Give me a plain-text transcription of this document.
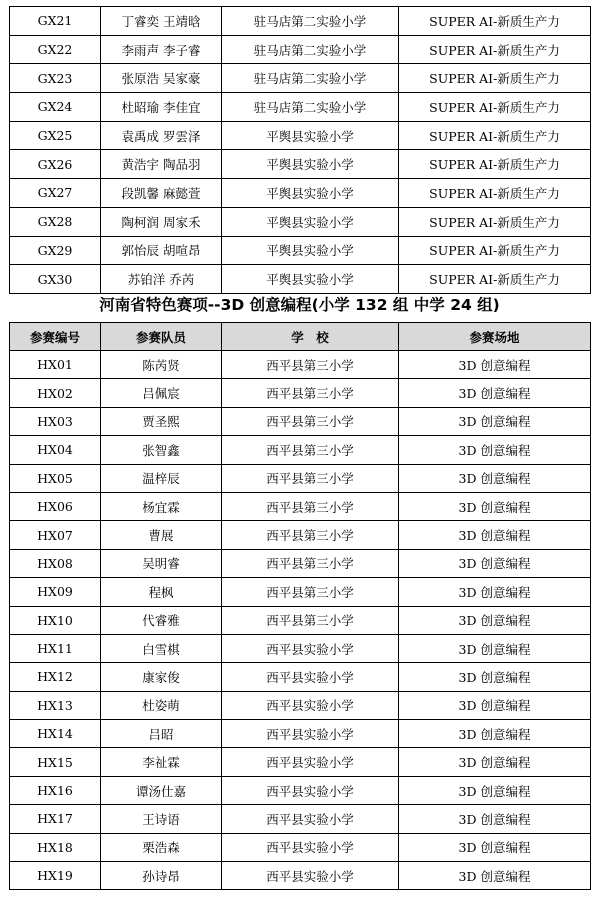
GX21	丁睿奕 王靖晗	驻马店第二实验小学	SUPER AI-新质生产力
GX22	李雨声 李子睿	驻马店第二实验小学	SUPER AI-新质生产力
GX23	张原浩 吴家豪	驻马店第二实验小学	SUPER AI-新质生产力
GX24	杜昭瑜 李佳宜	驻马店第二实验小学	SUPER AI-新质生产力
GX25	袁禹成 罗雲泽	平舆县实验小学	SUPER AI-新质生产力
GX26	黄浩宇 陶品羽	平舆县实验小学	SUPER AI-新质生产力
GX27	段凯馨 麻懿萱	平舆县实验小学	SUPER AI-新质生产力
GX28	陶柯润 周家禾	平舆县实验小学	SUPER AI-新质生产力
GX29	郭怡辰 胡喧昂	平舆县实验小学	SUPER AI-新质生产力
GX30	苏铂洋 乔芮	平舆县实验小学	SUPER AI-新质生产力
河南省特色赛项--3D 创意编程(小学 132 组 中学 24 组)
参赛编号	参赛队员	学　校	参赛场地
HX01	陈芮贤	西平县第三小学	3D 创意编程
HX02	吕佩宸	西平县第三小学	3D 创意编程
HX03	贾圣熙	西平县第三小学	3D 创意编程
HX04	张智鑫	西平县第三小学	3D 创意编程
HX05	温梓辰	西平县第三小学	3D 创意编程
HX06	杨宜霖	西平县第三小学	3D 创意编程
HX07	曹展	西平县第三小学	3D 创意编程
HX08	吴明睿	西平县第三小学	3D 创意编程
HX09	程枫	西平县第三小学	3D 创意编程
HX10	代睿雅	西平县第三小学	3D 创意编程
HX11	白雪棋	西平县实验小学	3D 创意编程
HX12	康家俊	西平县实验小学	3D 创意编程
HX13	杜姿萌	西平县实验小学	3D 创意编程
HX14	吕昭	西平县实验小学	3D 创意编程
HX15	李祉霖	西平县实验小学	3D 创意编程
HX16	谭汤仕嘉	西平县实验小学	3D 创意编程
HX17	王诗语	西平县实验小学	3D 创意编程
HX18	栗浩森	西平县实验小学	3D 创意编程
HX19	孙诗昂	西平县实验小学	3D 创意编程
